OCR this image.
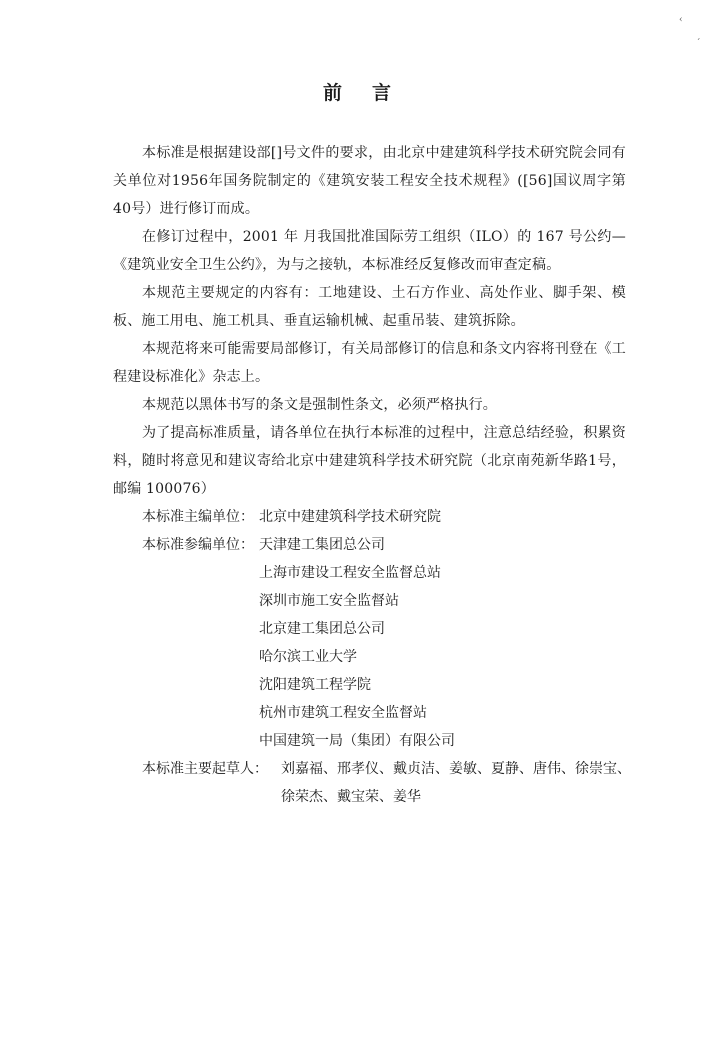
‹
´
前 言

本标准是根据建设部[]号文件的要求，由北京中建建筑科学技术研究院会同有关单位对1956年国务院制定的《建筑安装工程安全技术规程》([56]国议周字第40号）进行修订而成。

在修订过程中，2001 年 月我国批准国际劳工组织（ILO）的 167 号公约—《建筑业安全卫生公约》，为与之接轨，本标准经反复修改而审查定稿。

本规范主要规定的内容有：工地建设、土石方作业、高处作业、脚手架、模板、施工用电、施工机具、垂直运输机械、起重吊装、建筑拆除。

本规范将来可能需要局部修订，有关局部修订的信息和条文内容将刊登在《工程建设标准化》杂志上。

本规范以黑体书写的条文是强制性条文，必须严格执行。

为了提高标准质量，请各单位在执行本标准的过程中，注意总结经验，积累资料，随时将意见和建议寄给北京中建建筑科学技术研究院（北京南苑新华路1号，邮编 100076）

本标准主编单位： 北京中建建筑科学技术研究院
本标准参编单位： 天津建工集团总公司
上海市建设工程安全监督总站
深圳市施工安全监督站
北京建工集团总公司
哈尔滨工业大学
沈阳建筑工程学院
杭州市建筑工程安全监督站
中国建筑一局（集团）有限公司
本标准主要起草人： 刘嘉福、邢孝仪、戴贞洁、姜敏、夏静、唐伟、徐崇宝、
徐荣杰、戴宝荣、姜华
